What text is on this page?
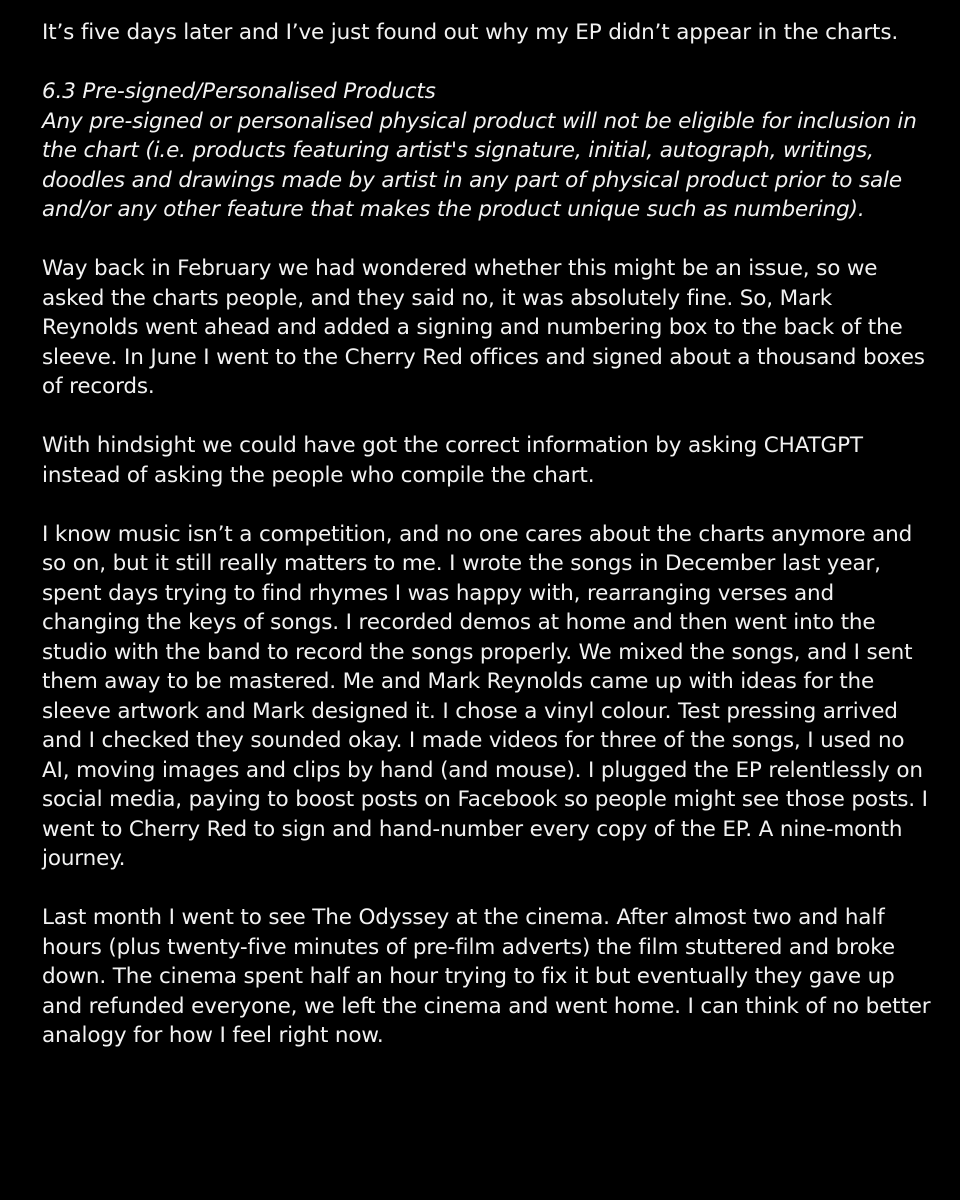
It’s five days later and I’ve just found out why my EP didn’t appear in the charts.

6.3 Pre-signed/Personalised Products

Any pre-signed or personalised physical product will not be eligible for inclusion in the chart (i.e. products featuring artist's signature, initial, autograph, writings, doodles and drawings made by artist in any part of physical product prior to sale and/or any other feature that makes the product unique such as numbering).

Way back in February we had wondered whether this might be an issue, so we asked the charts people, and they said no, it was absolutely fine. So, Mark Reynolds went ahead and added a signing and numbering box to the back of the sleeve. In June I went to the Cherry Red offices and signed about a thousand boxes of records.

With hindsight we could have got the correct information by asking CHATGPT instead of asking the people who compile the chart.

I know music isn’t a competition, and no one cares about the charts anymore and so on, but it still really matters to me. I wrote the songs in December last year, spent days trying to find rhymes I was happy with, rearranging verses and changing the keys of songs. I recorded demos at home and then went into the studio with the band to record the songs properly. We mixed the songs, and I sent them away to be mastered. Me and Mark Reynolds came up with ideas for the sleeve artwork and Mark designed it. I chose a vinyl colour. Test pressing arrived and I checked they sounded okay. I made videos for three of the songs, I used no AI, moving images and clips by hand (and mouse). I plugged the EP relentlessly on social media, paying to boost posts on Facebook so people might see those posts. I went to Cherry Red to sign and hand-number every copy of the EP. A nine-month journey.

Last month I went to see The Odyssey at the cinema. After almost two and half hours (plus twenty-five minutes of pre-film adverts) the film stuttered and broke down. The cinema spent half an hour trying to fix it but eventually they gave up and refunded everyone, we left the cinema and went home. I can think of no better analogy for how I feel right now.
